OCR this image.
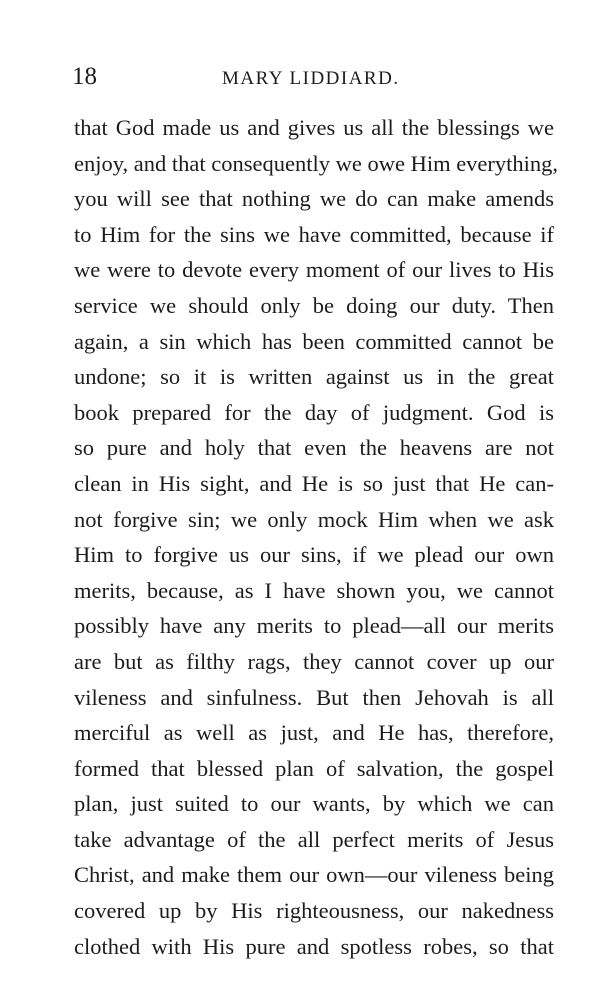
18	MARY LIDDIARD.
that God made us and gives us all the blessings we
enjoy, and that consequently we owe Him everything,
you will see that nothing we do can make amends
to Him for the sins we have committed, because if
we were to devote every moment of our lives to His
service we should only be doing our duty. Then
again, a sin which has been committed cannot be
undone; so it is written against us in the great
book prepared for the day of judgment. God is
so pure and holy that even the heavens are not
clean in His sight, and He is so just that He can-
not forgive sin; we only mock Him when we ask
Him to forgive us our sins, if we plead our own
merits, because, as I have shown you, we cannot
possibly have any merits to plead—all our merits
are but as filthy rags, they cannot cover up our
vileness and sinfulness. But then Jehovah is all
merciful as well as just, and He has, therefore,
formed that blessed plan of salvation, the gospel
plan, just suited to our wants, by which we can
take advantage of the all perfect merits of Jesus
Christ, and make them our own—our vileness being
covered up by His righteousness, our nakedness
clothed with His pure and spotless robes, so that
